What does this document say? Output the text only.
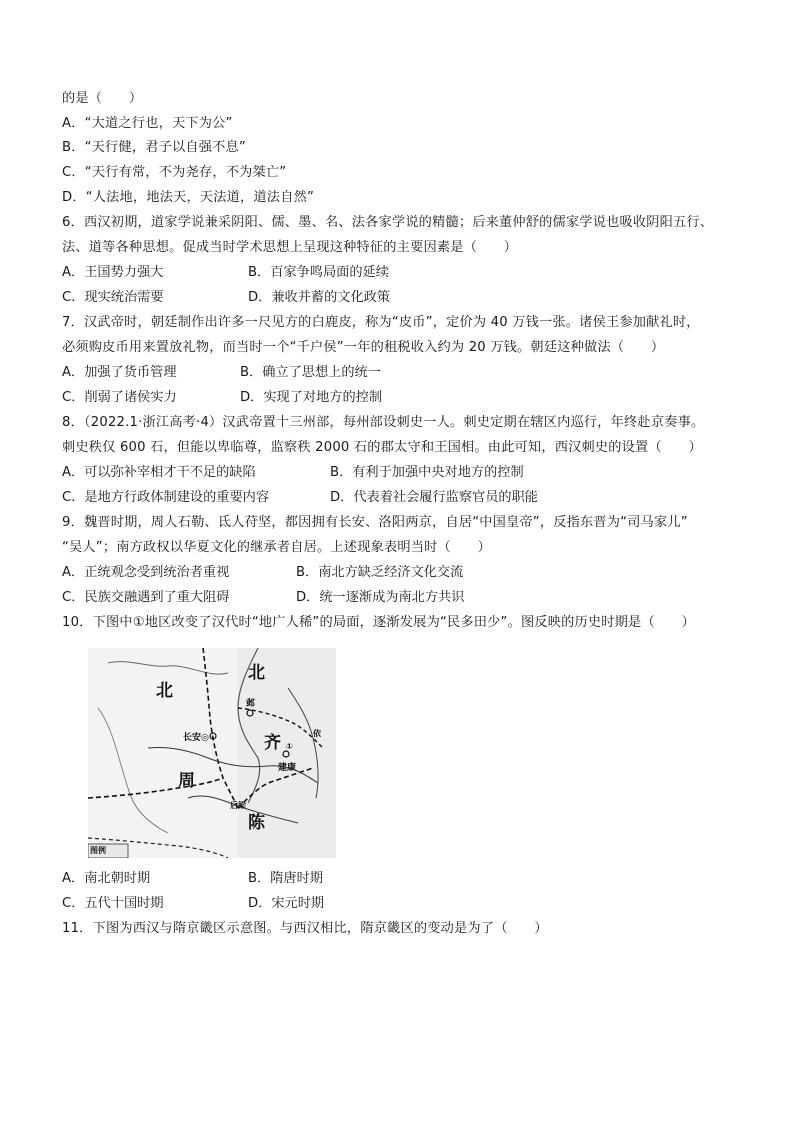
的是（　　）
A．“大道之行也，天下为公”
B．“天行健，君子以自强不息”
C．“天行有常，不为尧存，不为桀亡”
D．“人法地，地法天，天法道，道法自然”
6．西汉初期，道家学说兼采阴阳、儒、墨、名、法各家学说的精髓；后来董仲舒的儒家学说也吸收阴阳五行、
法、道等各种思想。促成当时学术思想上呈现这种特征的主要因素是（　　）
A．王国势力强大	B．百家争鸣局面的延续
C．现实统治需要	D．兼收并蓄的文化政策
7．汉武帝时，朝廷制作出许多一尺见方的白鹿皮，称为“皮币”，定价为 40 万钱一张。诸侯王参加献礼时，
必须购皮币用来置放礼物，而当时一个“千户侯”一年的租税收入约为 20 万钱。朝廷这种做法（　　）
A．加强了货币管理	B．确立了思想上的统一
C．削弱了诸侯实力	D．实现了对地方的控制
8．（2022.1·浙江高考·4）汉武帝置十三州部，每州部设刺史一人。刺史定期在辖区内巡行，年终赴京奏事。
刺史秩仅 600 石，但能以卑临尊，监察秩 2000 石的郡太守和王国相。由此可知，西汉刺史的设置（　　）
A．可以弥补宰相才干不足的缺陷	B．有利于加强中央对地方的控制
C．是地方行政体制建设的重要内容	D．代表着社会履行监察官员的职能
9．魏晋时期，周人石勒、氐人苻坚，都因拥有长安、洛阳两京，自居“中国皇帝”，反指东晋为“司马家儿”
“吴人”；南方政权以华夏文化的继承者自居。上述现象表明当时（　　）
A．正统观念受到统治者重视	B．南北方缺乏经济文化交流
C．民族交融遇到了重大阻碍	D．统一逐渐成为南北方共识
10．下图中①地区改变了汉代时“地广人稀”的局面，逐渐发展为“民多田少”。图反映的历史时期是（　　）
北
北
邺
长安◎	齐	依
①
建康
周
后梁
陈
图例
A．南北朝时期	B．隋唐时期
C．五代十国时期	D．宋元时期
11．下图为西汉与隋京畿区示意图。与西汉相比，隋京畿区的变动是为了（　　）
